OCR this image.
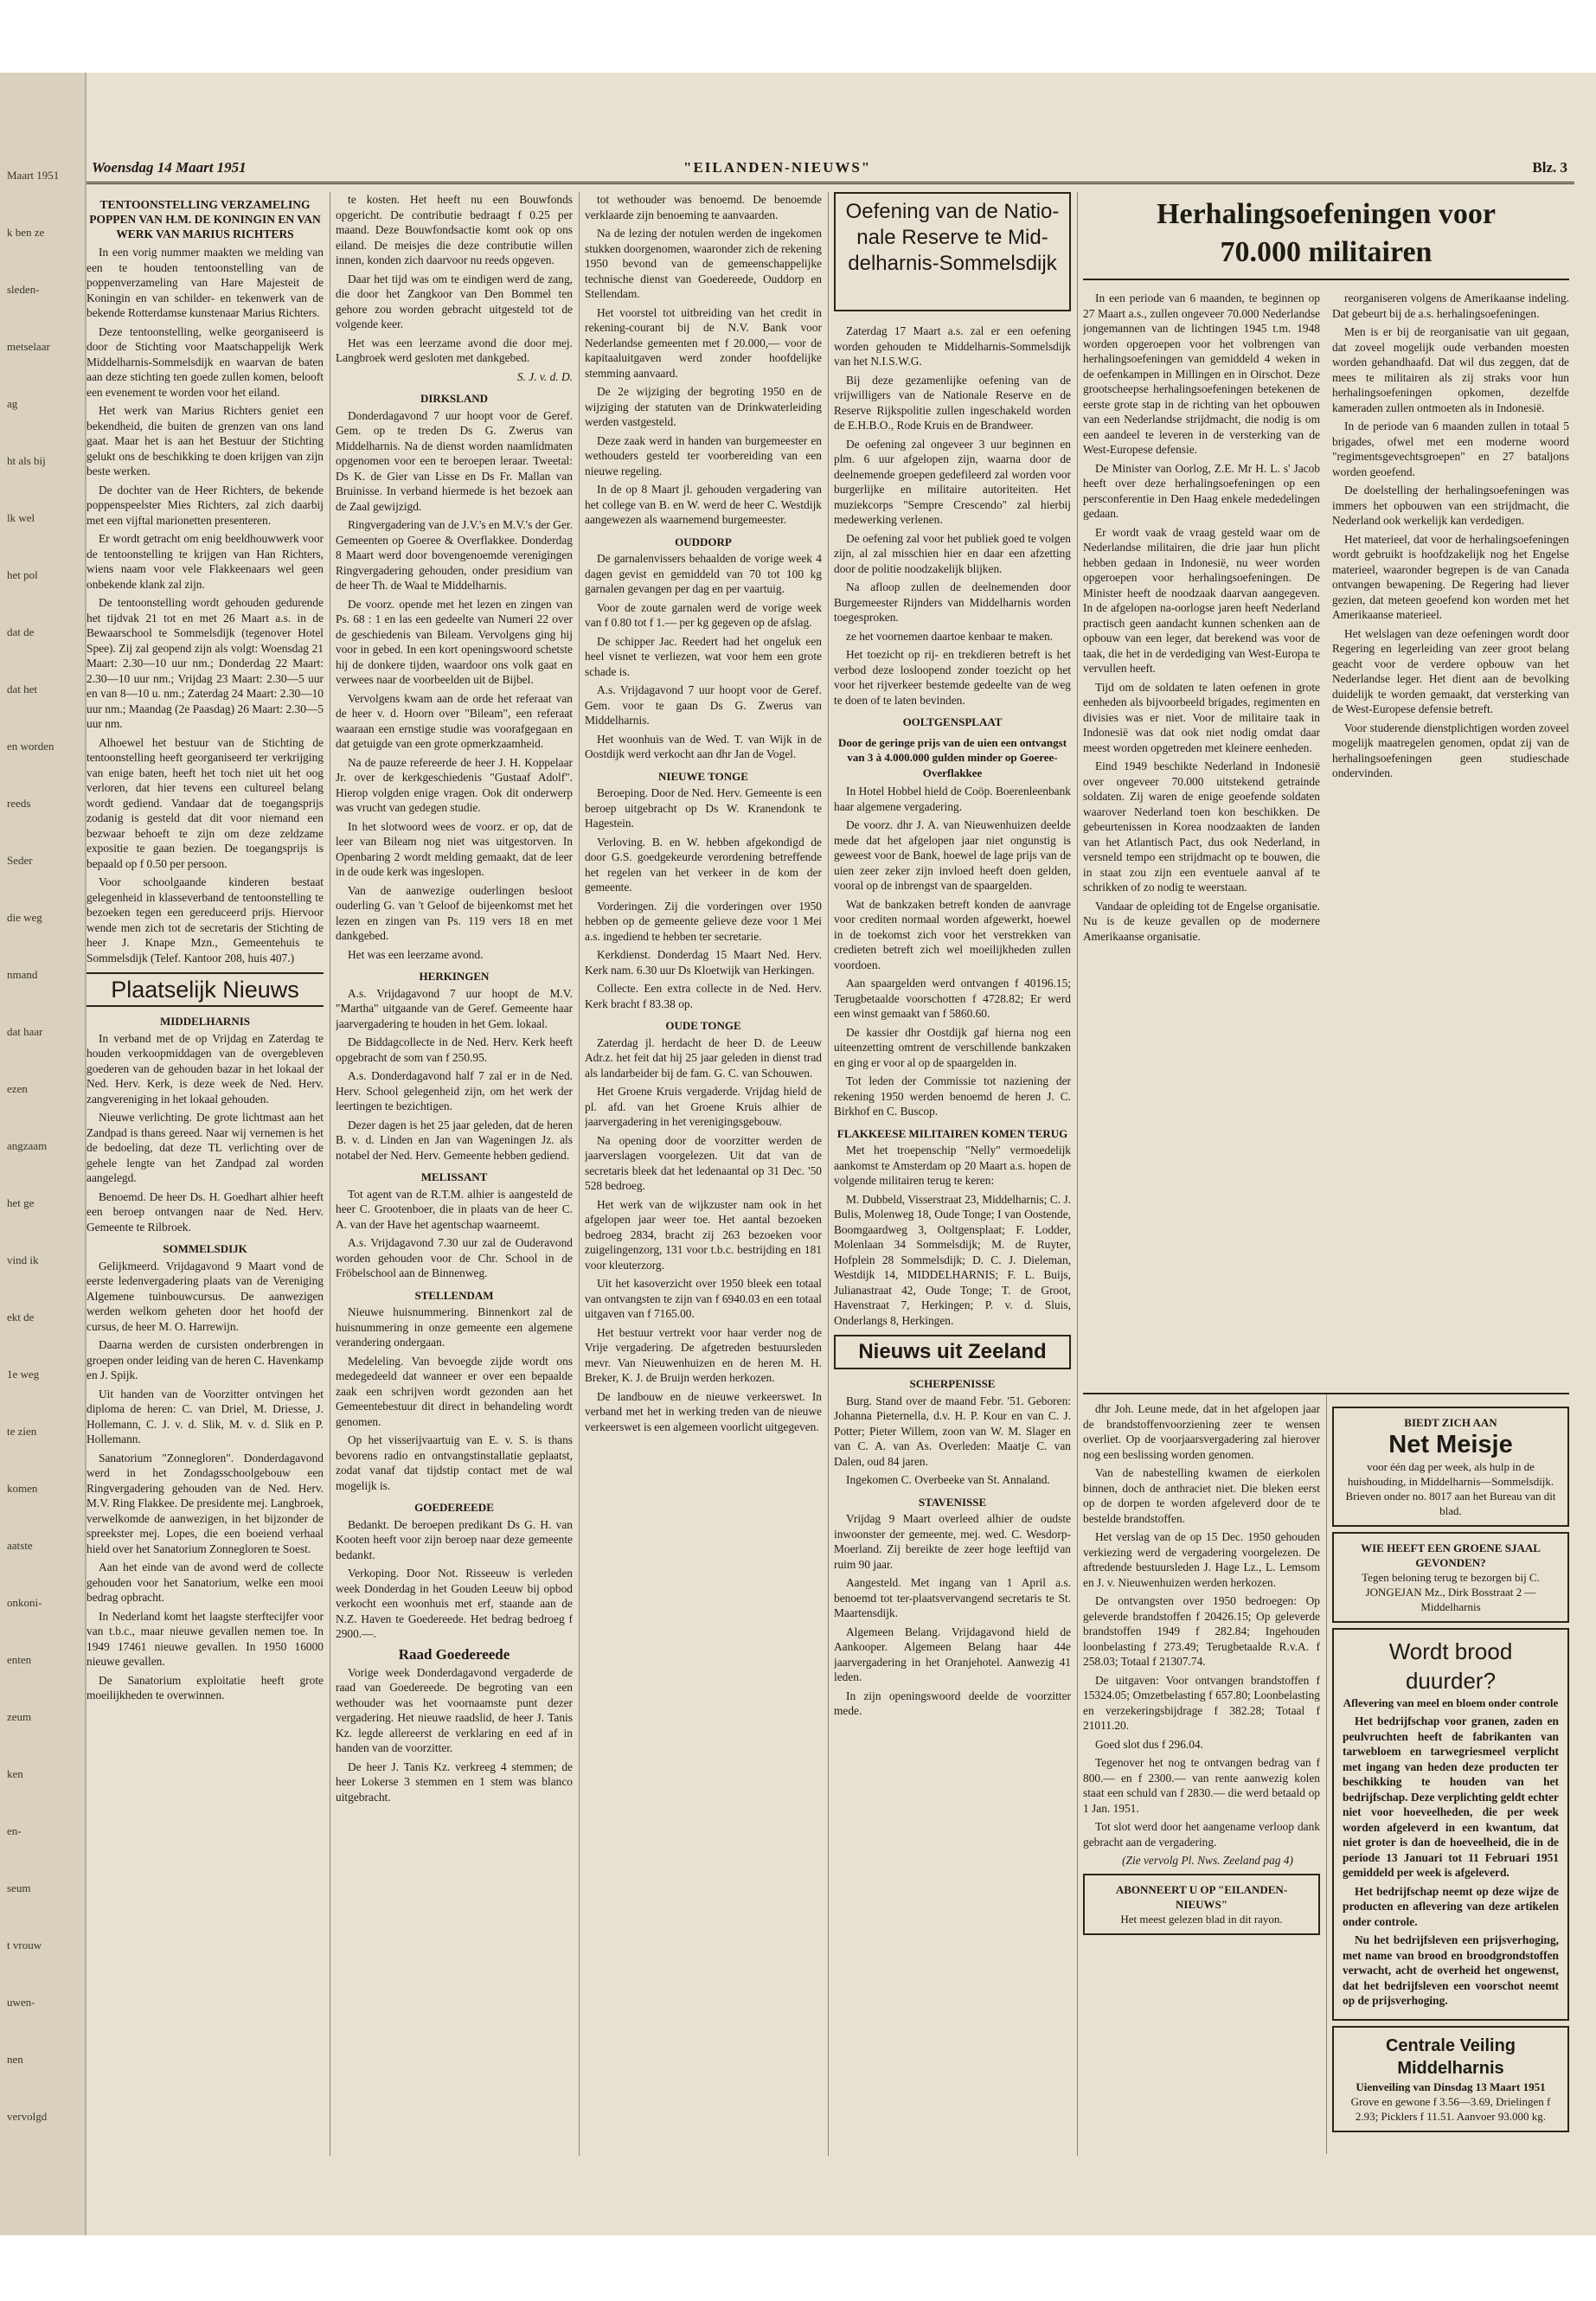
Maart 1951
k ben ze
sleden-
metselaar
ag
ht als bij
lk wel
het pol
dat de
dat het
en worden
reeds
Seder
die weg
nmand
dat haar
ezen
angzaam
het ge
vind ik
ekt de
1e weg
te zien
komen
aatste
onkoni-
enten
zeum
ken
en-
seum
t vrouw
uwen-
nen
vervolgd
Woensdag 14 Maart 1951	"EILANDEN-NIEUWS"	Blz. 3
TENTOONSTELLING VERZAMELING POPPEN VAN H.M. DE KONINGIN EN VAN WERK VAN MARIUS RICHTERS

In een vorig nummer maakten we melding van een te houden tentoonstelling van de poppenverzameling van Hare Majesteit de Koningin en van schilder- en tekenwerk van de bekende Rotterdamse kunstenaar Marius Richters.

Deze tentoonstelling, welke georganiseerd is door de Stichting voor Maatschappelijk Werk Middelharnis-Sommelsdijk en waarvan de baten aan deze stichting ten goede zullen komen, belooft een evenement te worden voor het eiland.

Het werk van Marius Richters geniet een bekendheid, die buiten de grenzen van ons land gaat. Maar het is aan het Bestuur der Stichting gelukt ons de beschikking te doen krijgen van zijn beste werken.

De dochter van de Heer Richters, de bekende poppenspeelster Mies Richters, zal zich daarbij met een vijftal marionetten presenteren.

Er wordt getracht om enig beeldhouwwerk voor de tentoonstelling te krijgen van Han Richters, wiens naam voor vele Flakkeenaars wel geen onbekende klank zal zijn.

De tentoonstelling wordt gehouden gedurende het tijdvak 21 tot en met 26 Maart a.s. in de Bewaarschool te Sommelsdijk (tegenover Hotel Spee). Zij zal geopend zijn als volgt: Woensdag 21 Maart: 2.30—10 uur nm.; Donderdag 22 Maart: 2.30—10 uur nm.; Vrijdag 23 Maart: 2.30—5 uur en van 8—10 u. nm.; Zaterdag 24 Maart: 2.30—10 uur nm.; Maandag (2e Paasdag) 26 Maart: 2.30—5 uur nm.

Alhoewel het bestuur van de Stichting de tentoonstelling heeft georganiseerd ter verkrijging van enige baten, heeft het toch niet uit het oog verloren, dat hier tevens een cultureel belang wordt gediend. Vandaar dat de toegangsprijs zodanig is gesteld dat dit voor niemand een bezwaar behoeft te zijn om deze zeldzame expositie te gaan bezien. De toegangsprijs is bepaald op f 0.50 per persoon.

Voor schoolgaande kinderen bestaat gelegenheid in klasseverband de tentoonstelling te bezoeken tegen een gereduceerd prijs. Hiervoor wende men zich tot de secretaris der Stichting de heer J. Knape Mzn., Gemeentehuis te Sommelsdijk (Telef. Kantoor 208, huis 407.)

Plaatselijk Nieuws
MIDDELHARNIS

In verband met de op Vrijdag en Zaterdag te houden verkoopmiddagen van de overgebleven goederen van de gehouden bazar in het lokaal der Ned. Herv. Kerk, is deze week de Ned. Herv. zangvereniging in het lokaal gehouden.

Nieuwe verlichting. De grote lichtmast aan het Zandpad is thans gereed. Naar wij vernemen is het de bedoeling, dat deze TL verlichting over de gehele lengte van het Zandpad zal worden aangelegd.

Benoemd. De heer Ds. H. Goedhart alhier heeft een beroep ontvangen naar de Ned. Herv. Gemeente te Rilbroek.

SOMMELSDIJK

Gelijkmeerd. Vrijdagavond 9 Maart vond de eerste ledenvergadering plaats van de Vereniging Algemene tuinbouwcursus. De aanwezigen werden welkom geheten door het hoofd der cursus, de heer M. O. Harrewijn.

Daarna werden de cursisten onderbrengen in groepen onder leiding van de heren C. Havenkamp en J. Spijk.

Uit handen van de Voorzitter ontvingen het diploma de heren: C. van Driel, M. Driesse, J. Hollemann, C. J. v. d. Slik, M. v. d. Slik en P. Hollemann.

Sanatorium "Zonnegloren". Donderdagavond werd in het Zondagsschoolgebouw een Ringvergadering gehouden van de Ned. Herv. M.V. Ring Flakkee. De presidente mej. Langbroek, verwelkomde de aanwezigen, in het bijzonder de spreekster mej. Lopes, die een boeiend verhaal hield over het Sanatorium Zonnegloren te Soest.

Aan het einde van de avond werd de collecte gehouden voor het Sanatorium, welke een mooi bedrag opbracht.

In Nederland komt het laagste sterftecijfer voor van t.b.c., maar nieuwe gevallen nemen toe. In 1949 17461 nieuwe gevallen. In 1950 16000 nieuwe gevallen.

De Sanatorium exploitatie heeft grote moeilijkheden te overwinnen.

te kosten. Het heeft nu een Bouwfonds opgericht. De contributie bedraagt f 0.25 per maand. Deze Bouwfondsactie komt ook op ons eiland. De meisjes die deze contributie willen innen, konden zich daarvoor nu reeds opgeven.

Daar het tijd was om te eindigen werd de zang, die door het Zangkoor van Den Bommel ten gehore zou worden gebracht uitgesteld tot de volgende keer.

Het was een leerzame avond die door mej. Langbroek werd gesloten met dankgebed.

S. J. v. d. D.
DIRKSLAND

Donderdagavond 7 uur hoopt voor de Geref. Gem. op te treden Ds G. Zwerus van Middelharnis. Na de dienst worden naamlidmaten opgenomen voor een te beroepen leraar. Tweetal: Ds K. de Gier van Lisse en Ds Fr. Mallan van Bruinisse. In verband hiermede is het bezoek aan de Zaal gewijzigd.

Ringvergadering van de J.V.'s en M.V.'s der Ger. Gemeenten op Goeree & Overflakkee. Donderdag 8 Maart werd door bovengenoemde verenigingen Ringvergadering gehouden, onder presidium van de heer Th. de Waal te Middelharnis.

De voorz. opende met het lezen en zingen van Ps. 68 : 1 en las een gedeelte van Numeri 22 over de geschiedenis van Bileam. Vervolgens ging hij voor in gebed. In een kort openingswoord schetste hij de donkere tijden, waardoor ons volk gaat en verwees naar de voorbeelden uit de Bijbel.

Vervolgens kwam aan de orde het referaat van de heer v. d. Hoorn over "Bileam", een referaat waaraan een ernstige studie was voorafgegaan en dat getuigde van een grote opmerkzaamheid.

Na de pauze refereerde de heer J. H. Koppelaar Jr. over de kerkgeschiedenis "Gustaaf Adolf". Hierop volgden enige vragen. Ook dit onderwerp was vrucht van gedegen studie.

In het slotwoord wees de voorz. er op, dat de leer van Bileam nog niet was uitgestorven. In Openbaring 2 wordt melding gemaakt, dat de leer in de oude kerk was ingeslopen.

Van de aanwezige ouderlingen besloot ouderling G. van 't Geloof de bijeenkomst met het lezen en zingen van Ps. 119 vers 18 en met dankgebed.

Het was een leerzame avond.

HERKINGEN

A.s. Vrijdagavond 7 uur hoopt de M.V. "Martha" uitgaande van de Geref. Gemeente haar jaarvergadering te houden in het Gem. lokaal.

De Biddagcollecte in de Ned. Herv. Kerk heeft opgebracht de som van f 250.95.

A.s. Donderdagavond half 7 zal er in de Ned. Herv. School gelegenheid zijn, om het werk der leertingen te bezichtigen.

Dezer dagen is het 25 jaar geleden, dat de heren B. v. d. Linden en Jan van Wageningen Jz. als notabel der Ned. Herv. Gemeente hebben gediend.

MELISSANT

Tot agent van de R.T.M. alhier is aangesteld de heer C. Grootenboer, die in plaats van de heer C. A. van der Have het agentschap waarneemt.

A.s. Vrijdagavond 7.30 uur zal de Ouderavond worden gehouden voor de Chr. School in de Fröbelschool aan de Binnenweg.

STELLENDAM

Nieuwe huisnummering. Binnenkort zal de huisnummering in onze gemeente een algemene verandering ondergaan.

Medeleling. Van bevoegde zijde wordt ons medegedeeld dat wanneer er over een bepaalde zaak een schrijven wordt gezonden aan het Gemeentebestuur dit direct in behandeling wordt genomen.

Op het visserijvaartuig van E. v. S. is thans bevorens radio en ontvangstinstallatie geplaatst, zodat vanaf dat tijdstip contact met de wal mogelijk is.

GOEDEREEDE

Bedankt. De beroepen predikant Ds G. H. van Kooten heeft voor zijn beroep naar deze gemeente bedankt.

Verkoping. Door Not. Risseeuw is verleden week Donderdag in het Gouden Leeuw bij opbod verkocht een woonhuis met erf, staande aan de N.Z. Haven te Goedereede. Het bedrag bedroeg f 2900.—.

Raad Goedereede

Vorige week Donderdagavond vergaderde de raad van Goedereede. De begroting van een wethouder was het voornaamste punt dezer vergadering. Het nieuwe raadslid, de heer J. Tanis Kz. legde allereerst de verklaring en eed af in handen van de voorzitter.

De heer J. Tanis Kz. verkreeg 4 stemmen; de heer Lokerse 3 stemmen en 1 stem was blanco uitgebracht.

tot wethouder was benoemd. De benoemde verklaarde zijn benoeming te aanvaarden.

Na de lezing der notulen werden de ingekomen stukken doorgenomen, waaronder zich de rekening 1950 bevond van de gemeenschappelijke technische dienst van Goedereede, Ouddorp en Stellendam.

Het voorstel tot uitbreiding van het credit in rekening-courant bij de N.V. Bank voor Nederlandse gemeenten met f 20.000,— voor de kapitaaluitgaven werd zonder hoofdelijke stemming aanvaard.

De 2e wijziging der begroting 1950 en de wijziging der statuten van de Drinkwaterleiding werden vastgesteld.

Deze zaak werd in handen van burgemeester en wethouders gesteld ter voorbereiding van een nieuwe regeling.

In de op 8 Maart jl. gehouden vergadering van het college van B. en W. werd de heer C. Westdijk aangewezen als waarnemend burgemeester.

OUDDORP

De garnalenvissers behaalden de vorige week 4 dagen gevist en gemiddeld van 70 tot 100 kg garnalen gevangen per dag en per vaartuig.

Voor de zoute garnalen werd de vorige week van f 0.80 tot f 1.— per kg gegeven op de afslag.

De schipper Jac. Reedert had het ongeluk een heel visnet te verliezen, wat voor hem een grote schade is.

A.s. Vrijdagavond 7 uur hoopt voor de Geref. Gem. voor te gaan Ds G. Zwerus van Middelharnis.

Het woonhuis van de Wed. T. van Wijk in de Oostdijk werd verkocht aan dhr Jan de Vogel.

NIEUWE TONGE

Beroeping. Door de Ned. Herv. Gemeente is een beroep uitgebracht op Ds W. Kranendonk te Hagestein.

Verloving. B. en W. hebben afgekondigd de door G.S. goedgekeurde verordening betreffende het regelen van het verkeer in de kom der gemeente.

Vorderingen. Zij die vorderingen over 1950 hebben op de gemeente gelieve deze voor 1 Mei a.s. ingediend te hebben ter secretarie.

Kerkdienst. Donderdag 15 Maart Ned. Herv. Kerk nam. 6.30 uur Ds Kloetwijk van Herkingen.

Collecte. Een extra collecte in de Ned. Herv. Kerk bracht f 83.38 op.

OUDE TONGE

Zaterdag jl. herdacht de heer D. de Leeuw Adr.z. het feit dat hij 25 jaar geleden in dienst trad als landarbeider bij de fam. G. C. van Schouwen.

Het Groene Kruis vergaderde. Vrijdag hield de pl. afd. van het Groene Kruis alhier de jaarvergadering in het verenigingsgebouw.

Na opening door de voorzitter werden de jaarverslagen voorgelezen. Uit dat van de secretaris bleek dat het ledenaantal op 31 Dec. '50 528 bedroeg.

Het werk van de wijkzuster nam ook in het afgelopen jaar weer toe. Het aantal bezoeken bedroeg 2834, bracht zij 263 bezoeken voor zuigelingenzorg, 131 voor t.b.c. bestrijding en 181 voor kleuterzorg.

Uit het kasoverzicht over 1950 bleek een totaal van ontvangsten te zijn van f 6940.03 en een totaal uitgaven van f 7165.00.

Het bestuur vertrekt voor haar verder nog de Vrije vergadering. De afgetreden bestuursleden mevr. Van Nieuwenhuizen en de heren M. H. Breker, K. J. de Bruijn werden herkozen.

De landbouw en de nieuwe verkeerswet. In verband met het in werking treden van de nieuwe verkeerswet is een algemeen voorlicht uitgegeven.

Oefening van de Natio-
nale Reserve te Mid-
delharnis-Sommelsdijk

Zaterdag 17 Maart a.s. zal er een oefening worden gehouden te Middelharnis-Sommelsdijk van het N.I.S.W.G.

Bij deze gezamenlijke oefening van de vrijwilligers van de Nationale Reserve en de Reserve Rijkspolitie zullen ingeschakeld worden de E.H.B.O., Rode Kruis en de Brandweer.

De oefening zal ongeveer 3 uur beginnen en plm. 6 uur afgelopen zijn, waarna door de deelnemende groepen gedefileerd zal worden voor burgerlijke en militaire autoriteiten. Het muziekcorps "Sempre Crescendo" zal hierbij medewerking verlenen.

De oefening zal voor het publiek goed te volgen zijn, al zal misschien hier en daar een afzetting door de politie noodzakelijk blijken.

Na afloop zullen de deelnemenden door Burgemeester Rijnders van Middelharnis worden toegesproken.

ze het voornemen daartoe kenbaar te maken.

Het toezicht op rij- en trekdieren betreft is het verbod deze losloopend zonder toezicht op het voor het rijverkeer bestemde gedeelte van de weg te doen of te laten bevinden.

OOLTGENSPLAAT
Door de geringe prijs van de uien een ontvangst van 3 à 4.000.000 gulden minder op Goeree-Overflakkee

In Hotel Hobbel hield de Coöp. Boerenleenbank haar algemene vergadering.

De voorz. dhr J. A. van Nieuwenhuizen deelde mede dat het afgelopen jaar niet ongunstig is geweest voor de Bank, hoewel de lage prijs van de uien zeer zeker zijn invloed heeft doen gelden, vooral op de inbrengst van de spaargelden.

Wat de bankzaken betreft konden de aanvrage voor crediten normaal worden afgewerkt, hoewel in de toekomst zich voor het verstrekken van credieten betreft zich wel moeilijkheden zullen voordoen.

Aan spaargelden werd ontvangen f 40196.15; Terugbetaalde voorschotten f 4728.82; Er werd een winst gemaakt van f 5860.60.

De kassier dhr Oostdijk gaf hierna nog een uiteenzetting omtrent de verschillende bankzaken en ging er voor al op de spaargelden in.

Tot leden der Commissie tot naziening der rekening 1950 werden benoemd de heren J. C. Birkhof en C. Buscop.

FLAKKEESE MILITAIREN KOMEN TERUG

Met het troepenschip "Nelly" vermoedelijk aankomst te Amsterdam op 20 Maart a.s. hopen de volgende militairen terug te keren:

M. Dubbeld, Visserstraat 23, Middelharnis; C. J. Bulis, Molenweg 18, Oude Tonge; I van Oostende, Boomgaardweg 3, Ooltgensplaat; F. Lodder, Molenlaan 34 Sommelsdijk; M. de Ruyter, Hofplein 28 Sommelsdijk; D. C. J. Dieleman, Westdijk 14, MIDDELHARNIS; F. L. Buijs, Julianastraat 42, Oude Tonge; T. de Groot, Havenstraat 7, Herkingen; P. v. d. Sluis, Onderlangs 8, Herkingen.

Nieuws uit Zeeland
SCHERPENISSE

Burg. Stand over de maand Febr. '51. Geboren: Johanna Pieternella, d.v. H. P. Kour en van C. J. Potter; Pieter Willem, zoon van W. M. Slager en van C. A. van As. Overleden: Maatje C. van Dalen, oud 84 jaren.

Ingekomen C. Overbeeke van St. Annaland.

STAVENISSE

Vrijdag 9 Maart overleed alhier de oudste inwoonster der gemeente, mej. wed. C. Wesdorp-Moerland. Zij bereikte de zeer hoge leeftijd van ruim 90 jaar.

Aangesteld. Met ingang van 1 April a.s. benoemd tot ter-plaatsvervangend secretaris te St. Maartensdijk.

Algemeen Belang. Vrijdagavond hield de Aankooper. Algemeen Belang haar 44e jaarvergadering in het Oranjehotel. Aanwezig 41 leden.

In zijn openingswoord deelde de voorzitter mede.

Herhalingsoefeningen voor
70.000 militairen

In een periode van 6 maanden, te beginnen op 27 Maart a.s., zullen ongeveer 70.000 Nederlandse jongemannen van de lichtingen 1945 t.m. 1948 worden opgeroepen voor het volbrengen van herhalingsoefeningen van gemiddeld 4 weken in de oefenkampen in Millingen en in Oirschot. Deze grootscheepse herhalingsoefeningen betekenen de eerste grote stap in de richting van het opbouwen van een Nederlandse strijdmacht, die nodig is om een aandeel te leveren in de versterking van de West-Europese defensie.

De Minister van Oorlog, Z.E. Mr H. L. s' Jacob heeft over deze herhalingsoefeningen op een persconferentie in Den Haag enkele mededelingen gedaan.

Er wordt vaak de vraag gesteld waar om de Nederlandse militairen, die drie jaar hun plicht hebben gedaan in Indonesië, nu weer worden opgeroepen voor herhalingsoefeningen. De Minister heeft de noodzaak daarvan aangegeven. In de afgelopen na-oorlogse jaren heeft Nederland practisch geen aandacht kunnen schenken aan de opbouw van een leger, dat berekend was voor de taak, die het in de verdediging van West-Europa te vervullen heeft.

Tijd om de soldaten te laten oefenen in grote eenheden als bijvoorbeeld brigades, regimenten en divisies was er niet. Voor de militaire taak in Indonesië was dat ook niet nodig omdat daar meest worden opgetreden met kleinere eenheden.

Eind 1949 beschikte Nederland in Indonesië over ongeveer 70.000 uitstekend getrainde soldaten. Zij waren de enige geoefende soldaten waarover Nederland toen kon beschikken. De gebeurtenissen in Korea noodzaakten de landen van het Atlantisch Pact, dus ook Nederland, in versneld tempo een strijdmacht op te bouwen, die in staat zou zijn een eventuele aanval af te schrikken of zo nodig te weerstaan.

Vandaar de opleiding tot de Engelse organisatie. Nu is de keuze gevallen op de modernere Amerikaanse organisatie.

reorganiseren volgens de Amerikaanse indeling. Dat gebeurt bij de a.s. herhalingsoefeningen.

Men is er bij de reorganisatie van uit gegaan, dat zoveel mogelijk oude verbanden moesten worden gehandhaafd. Dat wil dus zeggen, dat de mees te militairen als zij straks voor hun herhalingsoefeningen opkomen, dezelfde kameraden zullen ontmoeten als in Indonesië.

In de periode van 6 maanden zullen in totaal 5 brigades, ofwel met een moderne woord "regimentsgevechtsgroepen" en 27 bataljons worden geoefend.

De doelstelling der herhalingsoefeningen was immers het opbouwen van een strijdmacht, die Nederland ook werkelijk kan verdedigen.

Het materieel, dat voor de herhalingsoefeningen wordt gebruikt is hoofdzakelijk nog het Engelse materieel, waaronder begrepen is de van Canada ontvangen bewapening. De Regering had liever gezien, dat meteen geoefend kon worden met het Amerikaanse materieel.

Het welslagen van deze oefeningen wordt door Regering en legerleiding van zeer groot belang geacht voor de verdere opbouw van het Nederlandse leger. Het dient aan de bevolking duidelijk te worden gemaakt, dat versterking van de West-Europese defensie betreft.

Voor studerende dienstplichtigen worden zoveel mogelijk maatregelen genomen, opdat zij van de herhalingsoefeningen geen studieschade ondervinden.

dhr Joh. Leune mede, dat in het afgelopen jaar de brandstoffenvoorziening zeer te wensen overliet. Op de voorjaarsvergadering zal hierover nog een beslissing worden genomen.

Van de nabestelling kwamen de eierkolen binnen, doch de anthraciet niet. Die bleken eerst op de dorpen te worden afgeleverd door de te bestelde brandstoffen.

Het verslag van de op 15 Dec. 1950 gehouden verkiezing werd de vergadering voorgelezen. De aftredende bestuursleden J. Hage Lz., L. Lemsom en J. v. Nieuwenhuizen werden herkozen.

De ontvangsten over 1950 bedroegen: Op geleverde brandstoffen f 20426.15; Op geleverde brandstoffen 1949 f 282.84; Ingehouden loonbelasting f 273.49; Terugbetaalde R.v.A. f 258.03; Totaal f 21307.74.

De uitgaven: Voor ontvangen brandstoffen f 15324.05; Omzetbelasting f 657.80; Loonbelasting en verzekeringsbijdrage f 382.28; Totaal f 21011.20.

Goed slot dus f 296.04.

Tegenover het nog te ontvangen bedrag van f 800.— en f 2300.— van rente aanwezig kolen staat een schuld van f 2830.— die werd betaald op 1 Jan. 1951.

Tot slot werd door het aangename verloop dank gebracht aan de vergadering.

(Zie vervolg Pl. Nws. Zeeland pag 4)
ABONNEERT U OP "EILANDEN-NIEUWS"
Het meest gelezen blad in dit rayon.
BIEDT ZICH AAN
Net Meisje
voor één dag per week, als hulp in de huishouding, in Middelharnis—Sommelsdijk. Brieven onder no. 8017 aan het Bureau van dit blad.
WIE HEEFT EEN GROENE SJAAL GEVONDEN?
Tegen beloning terug te bezorgen bij C. JONGEJAN Mz., Dirk Bosstraat 2 — Middelharnis
Wordt brood duurder?
Aflevering van meel en bloem onder controle

Het bedrijfschap voor granen, zaden en peulvruchten heeft de fabrikanten van tarwebloem en tarwegriesmeel verplicht met ingang van heden deze producten ter beschikking te houden van het bedrijfschap. Deze verplichting geldt echter niet voor hoeveelheden, die per week worden afgeleverd in een kwantum, dat niet groter is dan de hoeveelheid, die in de periode 13 Januari tot 11 Februari 1951 gemiddeld per week is afgeleverd.

Het bedrijfschap neemt op deze wijze de producten en aflevering van deze artikelen onder controle.

Nu het bedrijfsleven een prijsverhoging, met name van brood en broodgrondstoffen verwacht, acht de overheid het ongewenst, dat het bedrijfsleven een voorschot neemt op de prijsverhoging.

Centrale Veiling Middelharnis
Uienveiling van Dinsdag 13 Maart 1951
Grove en gewone f 3.56—3.69, Drielingen f 2.93; Picklers f 11.51. Aanvoer 93.000 kg.
